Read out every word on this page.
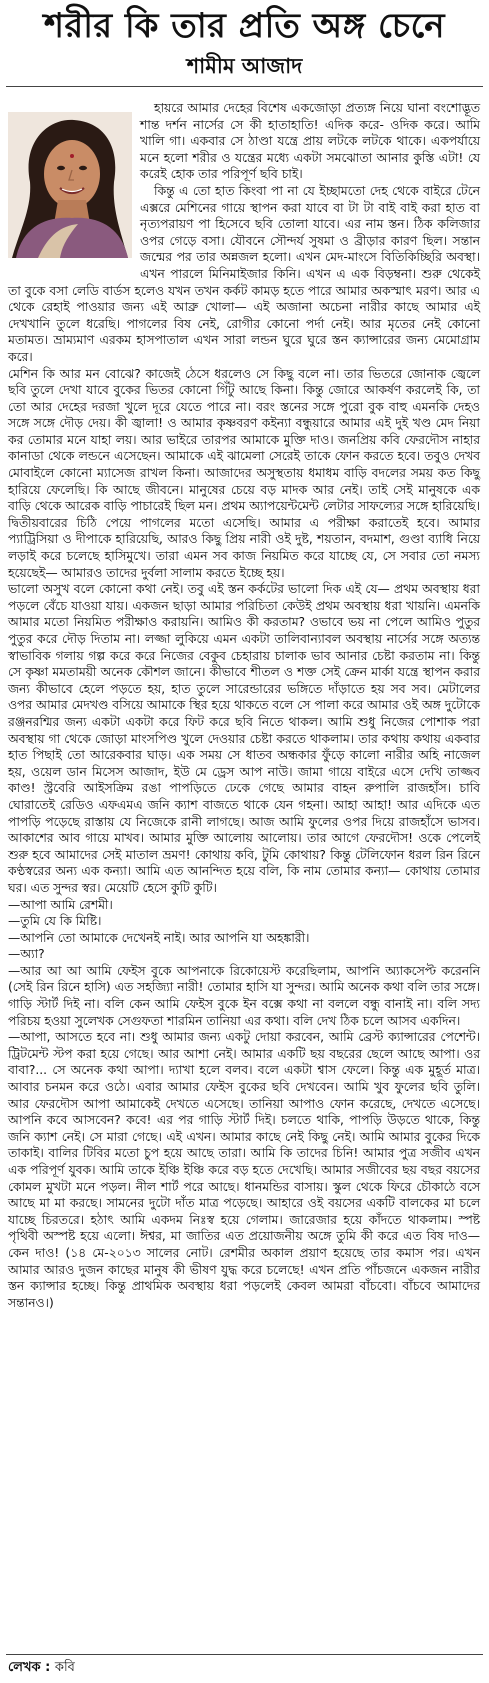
শরীর কি তার প্রতি অঙ্গ চেনে
শামীম আজাদ

হায়রে আমার দেহের বিশেষ একজোড়া প্রত্যঙ্গ নিয়ে ঘানা বংশোদ্ভূত শান্ত দর্শন নার্সের সে কী হাতাহাতি! এদিক করে- ওদিক করে। আমি খালি গা। একবার সে ঠাণ্ডা যন্ত্রে প্রায় লটকে লটকে থাকে। একপর্যায়ে মনে হলো শরীর ও যন্ত্রের মধ্যে একটা সমঝোতা আনার কুস্তি এটা! যে করেই হোক তার পরিপূর্ণ ছবি চাই।

কিন্তু এ তো হাত কিংবা পা না যে ইচ্ছামতো দেহ থেকে বাইরে টেনে এক্সরে মেশিনের গায়ে স্থাপন করা যাবে বা টা টা বাই বাই করা হাত বা নৃত্যপরায়ণ পা হিসেবে ছবি তোলা যাবে। এর নাম স্তন। ঠিক কলিজার ওপর গেড়ে বসা। যৌবনে সৌন্দর্য সুষমা ও ব্রীড়ার কারণ ছিল। সন্তান জন্মের পর তার অন্নজল হলো। এখন মেদ-মাংসে বিতিকিচ্ছিরি অবস্থা। এখন পারলে মিনিমাইজার কিনি। এখন এ এক বিড়ম্বনা। শুরু থেকেই তা বুকে বসা লেডি বার্ডস হলেও যখন তখন কর্কট কামড় হতে পারে আমার অকস্মাৎ মরণ। আর এ থেকে রেহাই পাওয়ার জন্য এই আব্রু খোলা— এই অজানা অচেনা নারীর কাছে আমার এই দেখখানি তুলে ধরেছি। পাগলের বিষ নেই, রোগীর কোনো পর্দা নেই। আর মৃতের নেই কোনো মতামত। ভ্রাম্যমাণ এরকম হাসপাতাল এখন সারা লন্ডন ঘুরে ঘুরে স্তন ক্যান্সারের জন্য মেমোগ্রাম করে।

মেশিন কি আর মন বোঝে? কাজেই ঠেসে ধরলেও সে কিছু বলে না। তার ভিতরে জোনাক জ্বেলে ছবি তুলে দেখা যাবে বুকের ভিতর কোনো গিঁটু আছে কিনা। কিন্তু জোরে আকর্ষণ করলেই কি, তা তো আর দেহের দরজা খুলে দূরে যেতে পারে না। বরং স্তনের সঙ্গে পুরো বুক বাহু এমনকি দেহও সঙ্গে সঙ্গে দৌড় দেয়। কী জ্বালা! ও আমার কৃষ্ণবরণ কইন্যা বন্ধুয়ারে আমার এই দুই খণ্ড মেদ নিয়া কর তোমার মনে যাহা লয়। আর ভাইরে তারপর আমাকে মুক্তি দাও। জনপ্রিয় কবি ফেরদৌস নাহার কানাডা থেকে লন্ডনে এসেছেন। আমাকে এই ঝামেলা সেরেই তাকে ফোন করতে হবে। তবুও দেখব মোবাইলে কোনো ম্যাসেজ রাখল কিনা। আজাদের অসুস্থতায় ধমাধম বাড়ি বদলের সময় কত কিছু হারিয়ে ফেলেছি। কি আছে জীবনে। মানুষের চেয়ে বড় মাদক আর নেই। তাই সেই মানুষকে এক বাড়ি থেকে আরেক বাড়ি পাচারেই ছিল মন। প্রথম অ্যাপয়েন্টমেন্ট লেটার সাফল্যের সঙ্গে হারিয়েছি। দ্বিতীয়বারের চিঠি পেয়ে পাগলের মতো এসেছি। আমার এ পরীক্ষা করাতেই হবে। আমার প্যাট্রিসিয়া ও দীপাকে হারিয়েছি, আরও কিছু প্রিয় নারী ওই দুষ্ট, শয়তান, বদমাশ, গুণ্ডা ব্যাধি নিয়ে লড়াই করে চলেছে হাসিমুখে। তারা এমন সব কাজ নিয়মিত করে যাচ্ছে যে, সে সবার তো নমস্য হয়েছেই— আমারও তাদের দুর্বলা সালাম করতে ইচ্ছে হয়।

ভালো অসুখ বলে কোনো কথা নেই। তবু এই স্তন কর্কটের ভালো দিক এই যে— প্রথম অবস্থায় ধরা পড়লে বেঁচে যাওয়া যায়। একজন ছাড়া আমার পরিচিতা কেউই প্রথম অবস্থায় ধরা খায়নি। এমনকি আমার মতো নিয়মিত পরীক্ষাও করায়নি। আমিও কী করতাম? ওভাবে ভয় না পেলে আমিও পুতুর পুতুর করে দৌড় দিতাম না। লজ্জা লুকিয়ে এমন একটা তালিবান্যাবল অবস্থায় নার্সের সঙ্গে অত্যন্ত স্বাভাবিক গলায় গল্প করে করে নিজের বেকুব চেহারায় চালাক ভাব আনার চেষ্টা করতাম না। কিন্তু সে কৃষ্ণা মমতাময়ী অনেক কৌশল জানে। কীভাবে শীতল ও শক্ত সেই ক্রেন মার্কা যন্ত্রে স্থাপন করার জন্য কীভাবে হেলে পড়তে হয়, হাত তুলে সারেন্ডারের ভঙ্গিতে দাঁড়াতে হয় সব সব। মেটালের ওপর আমার মেদখণ্ড বসিয়ে আমাকে স্থির হয়ে থাকতে বলে সে পালা করে আমার ওই অঙ্গ দুটোকে রঞ্জনরশ্মির জন্য একটা একটা করে ফিট করে ছবি নিতে থাকল। আমি শুধু নিজের পোশাক পরা অবস্থায় গা থেকে জোড়া মাংসপিণ্ড খুলে দেওয়ার চেষ্টা করতে থাকলাম। তার কথায় কথায় একবার হাত পিছাই তো আরেকবার ঘাড়। এক সময় সে ধাতব অন্ধকার ফুঁড়ে কালো নারীর অহি নাজেল হয়, ওয়েল ডান মিসেস আজাদ, ইউ মে ড্রেস আপ নাউ। জামা গায়ে বাইরে এসে দেখি তাজ্জব কাণ্ড! স্ট্রবেরি আইসক্রিম রঙা পাপড়িতে ঢেকে গেছে আমার বাহন রুপালি রাজহাঁস। চাবি ঘোরাতেই রেডিও এফএমএ জনি ক্যাশ বাজতে থাকে যেন গহনা। আহা আহা! আর এদিকে এত পাপড়ি পড়েছে রাস্তায় যে নিজেকে রানী লাগছে। আজ আমি ফুলের ওপর দিয়ে রাজহাঁসে ভাসব। আকাশের আব গায়ে মাখব। আমার মুক্তি আলোয় আলোয়। তার আগে ফেরদৌস! ওকে পেলেই শুরু হবে আমাদের সেই মাতাল ভ্রমণ! কোথায় কবি, টুমি কোথায়? কিন্তু টেলিফোন ধরল রিন রিনে কণ্ঠস্বরের অন্য এক কন্যা। আমি এত আনন্দিত হয়ে বলি, কি নাম তোমার কন্যা— কোথায় তোমার ঘর। এত সুন্দর স্বর। মেয়েটি হেসে কুটি কুটি।

—আপা আমি রেশমী।

—তুমি যে কি মিষ্টি।

—আপনি তো আমাকে দেখেনই নাই। আর আপনি যা অহঙ্কারী।

—অ্যা?

—আর আ আ আমি ফেইস বুকে আপনাকে রিকোয়েস্ট করেছিলাম, আপনি অ্যাকসেপ্ট করেননি (সেই রিন রিনে হাসি) এত সহজ্যিা নারী! তোমার হাসি যা সুন্দর। আমি অনেক কথা বলি তার সঙ্গে। গাড়ি স্টার্ট দিই না। বলি কেন আমি ফেইস বুকে ইন বক্সে কথা না বললে বন্ধু বানাই না। বলি সদ্য পরিচয় হওয়া সুলেখক সেগুফতা শারমিন তানিয়া এর কথা। বলি দেখ ঠিক চলে আসব একদিন।

—আপা, আসতে হবে না। শুধু আমার জন্য একটু দোয়া করবেন, আমি ব্রেস্ট ক্যান্সারের পেশেন্ট। ট্রিটমেন্ট স্টপ করা হয়ে গেছে। আর আশা নেই। আমার একটি ছয় বছরের ছেলে আছে আপা। ওর বাবা?... সে অনেক কথা আপা। দ্যাখা হলে বলব। বলে একটা শ্বাস ফেলে। কিন্তু এক মুহূর্ত মাত্র। আবার চনমন করে ওঠে। এবার আমার ফেইস বুকের ছবি দেখবেন। আমি খুব ফুলের ছবি তুলি। আর ফেরদৌস আপা আমাকেই দেখতে এসেছে। তানিয়া আপাও ফোন করেছে, দেখতে এসেছে। আপনি কবে আসবেন? কবে! এর পর গাড়ি স্টার্ট দিই। চলতে থাকি, পাপড়ি উড়তে থাকে, কিন্তু জনি ক্যাশ নেই। সে মারা গেছে। এই এখন। আমার কাছে নেই কিছু নেই। আমি আমার বুকের দিকে তাকাই। বালির টিবির মতো চুপ হয়ে আছে তারা। আমি কি তাদের চিনি! আমার পুত্র সজীব এখন এক পরিপূর্ণ যুবক। আমি তাকে ইঞ্চি ইঞ্চি করে বড় হতে দেখেছি। আমার সজীবের ছয় বছর বয়সের কোমল মুখটা মনে পড়ল। নীল শার্ট পরে আছে। ধানমন্ডির বাসায়। স্কুল থেকে ফিরে চৌকাঠে বসে আছে মা মা করছে। সামনের দুটো দাঁত মাত্র পড়েছে। আহারে ওই বয়সের একটি বালকের মা চলে যাচ্ছে চিরতরে। হঠাৎ আমি একদম নিঃস্ব হয়ে গেলাম। জারেজার হয়ে কাঁদতে থাকলাম। স্পষ্ট পৃথিবী অস্পষ্ট হয়ে এলো। ঈশ্বর, মা জাতির এত প্রয়োজনীয় অঙ্গে তুমি কী করে এত বিষ দাও— কেন দাও! (১৪ মে-২০১৩ সালের নোট। রেশমীর অকাল প্রয়াণ হয়েছে তার কমাস পর। এখন আমার আরও দুজন কাছের মানুষ কী ভীষণ যুদ্ধ করে চলেছে! এখন প্রতি পাঁচজনে একজন নারীর স্তন ক্যান্সার হচ্ছে। কিন্তু প্রাথমিক অবস্থায় ধরা পড়লেই কেবল আমরা বাঁচবো। বাঁচবে আমাদের সন্তানও।)

লেখক : কবি
